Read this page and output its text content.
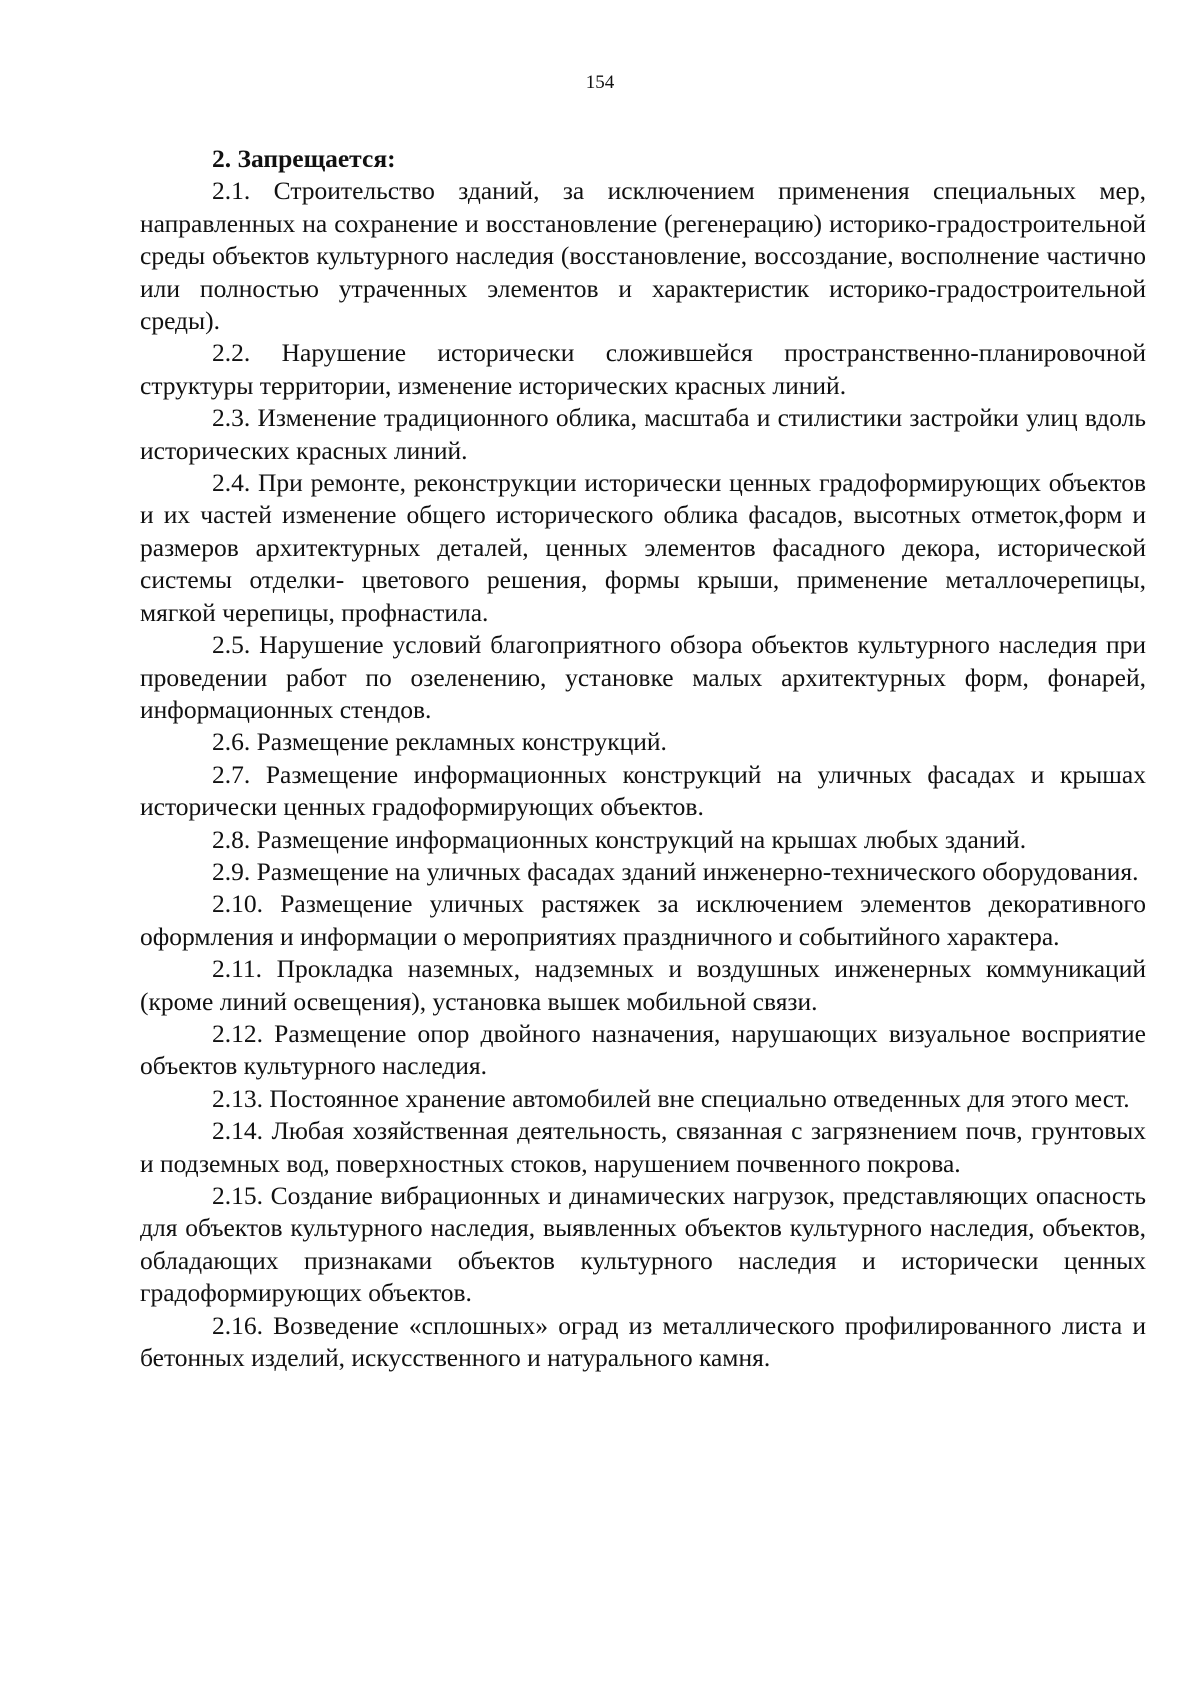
154

2. Запрещается:

2.1. Строительство зданий, за исключением применения специальных мер, направленных на сохранение и восстановление (регенерацию) историко-градостроительной среды объектов культурного наследия (восстановление, воссоздание, восполнение частично или полностью утраченных элементов и характеристик историко-градостроительной среды).

2.2. Нарушение исторически сложившейся пространственно-планировочной структуры территории, изменение исторических красных линий.

2.3. Изменение традиционного облика, масштаба и стилистики застройки улиц вдоль исторических красных линий.

2.4. При ремонте, реконструкции исторически ценных градоформирующих объектов и их частей изменение общего исторического облика фасадов, высотных отметок,форм и размеров архитектурных деталей, ценных элементов фасадного декора, исторической системы отделки- цветового решения, формы крыши, применение металлочерепицы, мягкой черепицы, профнастила.

2.5. Нарушение условий благоприятного обзора объектов культурного наследия при проведении работ по озеленению, установке малых архитектурных форм, фонарей, информационных стендов.

2.6. Размещение рекламных конструкций.

2.7. Размещение информационных конструкций на уличных фасадах и крышах исторически ценных градоформирующих объектов.

2.8. Размещение информационных конструкций на крышах любых зданий.

2.9. Размещение на уличных фасадах зданий инженерно-технического оборудования.

2.10. Размещение уличных растяжек за исключением элементов декоративного оформления и информации о мероприятиях праздничного и событийного характера.

2.11. Прокладка наземных, надземных и воздушных инженерных коммуникаций (кроме линий освещения), установка вышек мобильной связи.

2.12. Размещение опор двойного назначения, нарушающих визуальное восприятие объектов культурного наследия.

2.13. Постоянное хранение автомобилей вне специально отведенных для этого мест.

2.14. Любая хозяйственная деятельность, связанная с загрязнением почв, грунтовых и подземных вод, поверхностных стоков, нарушением почвенного покрова.

2.15. Создание вибрационных и динамических нагрузок, представляющих опасность для объектов культурного наследия, выявленных объектов культурного наследия, объектов, обладающих признаками объектов культурного наследия и исторически ценных градоформирующих объектов.

2.16. Возведение «сплошных» оград из металлического профилированного листа и бетонных изделий, искусственного и натурального камня.
